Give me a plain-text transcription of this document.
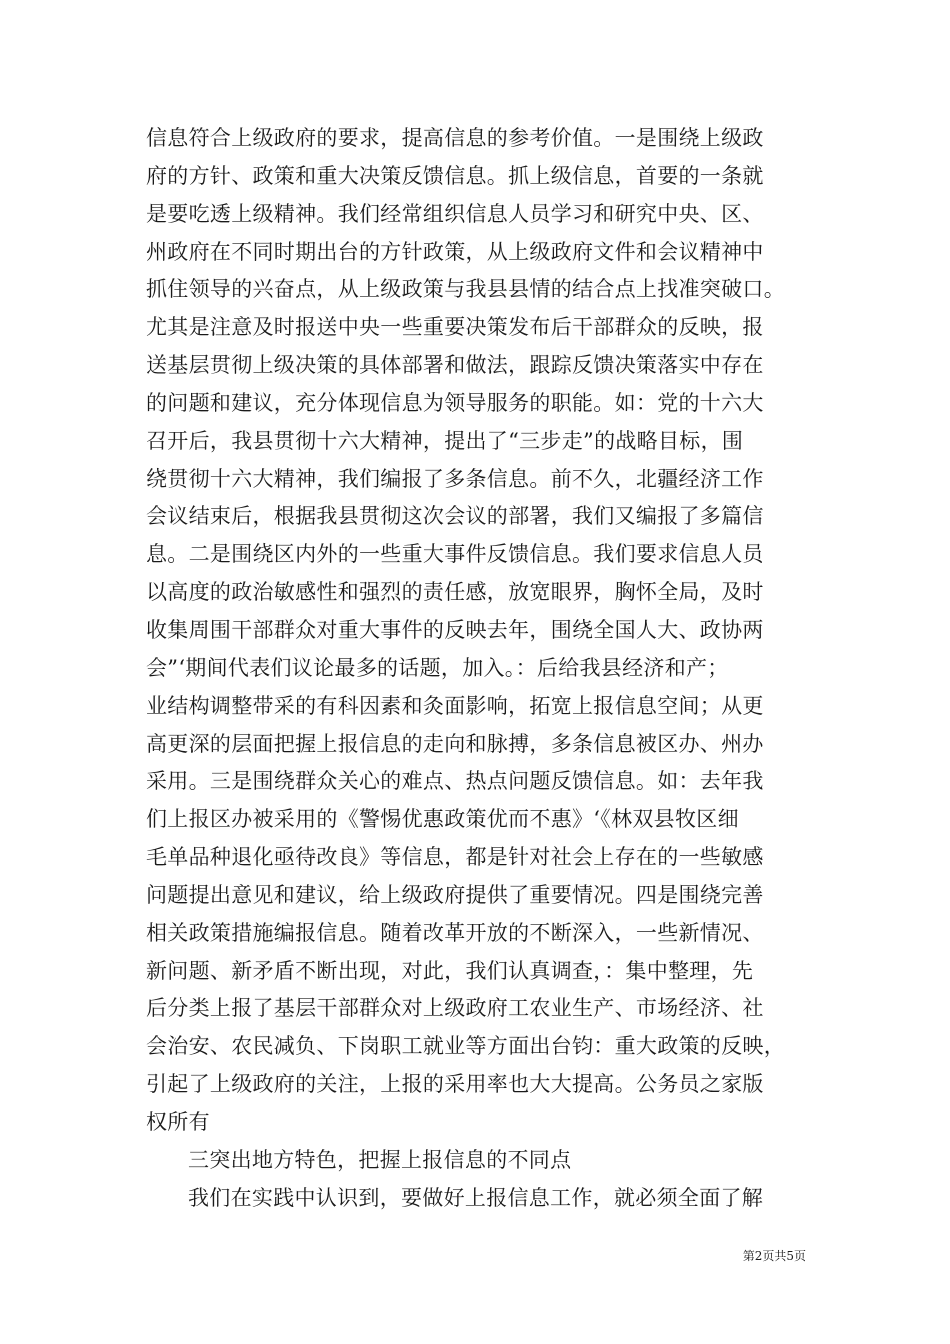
信息符合上级政府的要求，提高信息的参考价值。一是围绕上级政
府的方针、政策和重大决策反馈信息。抓上级信息，首要的一条就
是要吃透上级精神。我们经常组织信息人员学习和研究中央、区、
州政府在不同时期出台的方针政策，从上级政府文件和会议精神中
抓住领导的兴奋点，从上级政策与我县县情的结合点上找准突破口。
尤其是注意及时报送中央一些重要决策发布后干部群众的反映，报
送基层贯彻上级决策的具体部署和做法，跟踪反馈决策落实中存在
的问题和建议，充分体现信息为领导服务的职能。如：党的十六大
召开后，我县贯彻十六大精神，提出了“三步走”的战略目标，围
绕贯彻十六大精神，我们编报了多条信息。前不久，北疆经济工作
会议结束后，根据我县贯彻这次会议的部署，我们又编报了多篇信
息。二是围绕区内外的一些重大事件反馈信息。我们要求信息人员
以高度的政治敏感性和强烈的责任感，放宽眼界，胸怀全局，及时
收集周围干部群众对重大事件的反映去年，围绕全国人大、政协两
会”‘期间代表们议论最多的话题，加入。：后给我县经济和产；
业结构调整带采的有科因素和灸面影响，拓宽上报信息空间；从更
高更深的层面把握上报信息的走向和脉搏，多条信息被区办、州办
采用。三是围绕群众关心的难点、热点问题反馈信息。如：去年我
们上报区办被采用的《警惕优惠政策优而不惠》‘《林双县牧区细
毛单品种退化亟待改良》等信息，都是针对社会上存在的一些敏感
问题提出意见和建议，给上级政府提供了重要情况。四是围绕完善
相关政策措施编报信息。随着改革开放的不断深入，一些新情况、
新问题、新矛盾不断出现，对此，我们认真调查，：集中整理，先
后分类上报了基层干部群众对上级政府工农业生产、市场经济、社
会治安、农民减负、下岗职工就业等方面出台钧：重大政策的反映，
引起了上级政府的关注，上报的采用率也大大提高。公务员之家版
权所有
三突出地方特色，把握上报信息的不同点
我们在实践中认识到，要做好上报信息工作，就必须全面了解
第2页共5页
